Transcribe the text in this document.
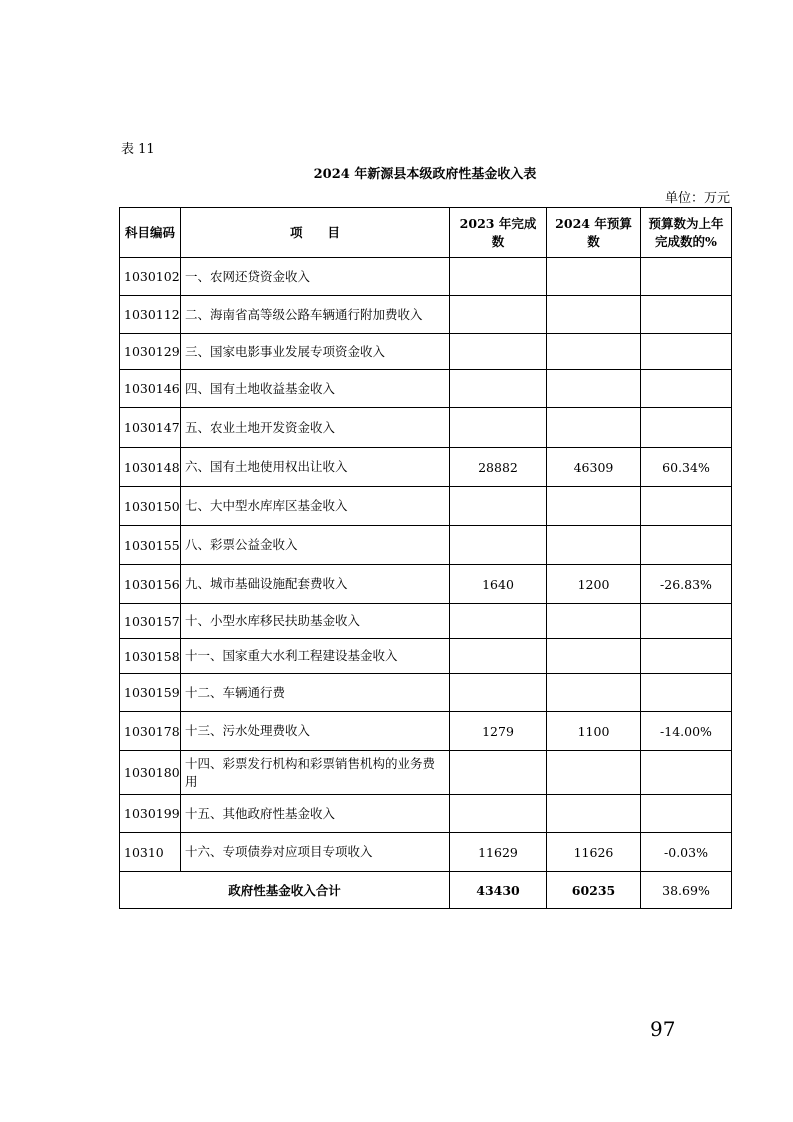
表 11
2024 年新源县本级政府性基金收入表
单位：万元
科目编码	项　　目	2023 年完成数	2024 年预算数	预算数为上年完成数的%
1030102	一、农网还贷资金收入			
1030112	二、海南省高等级公路车辆通行附加费收入			
1030129	三、国家电影事业发展专项资金收入			
1030146	四、国有土地收益基金收入			
1030147	五、农业土地开发资金收入			
1030148	六、国有土地使用权出让收入	28882	46309	60.34%
1030150	七、大中型水库库区基金收入			
1030155	八、彩票公益金收入			
1030156	九、城市基础设施配套费收入	1640	1200	-26.83%
1030157	十、小型水库移民扶助基金收入			
1030158	十一、国家重大水利工程建设基金收入			
1030159	十二、车辆通行费			
1030178	十三、污水处理费收入	1279	1100	-14.00%
1030180	十四、彩票发行机构和彩票销售机构的业务费用			
1030199	十五、其他政府性基金收入			
10310	十六、专项债券对应项目专项收入	11629	11626	-0.03%
政府性基金收入合计		43430	60235	38.69%
97
